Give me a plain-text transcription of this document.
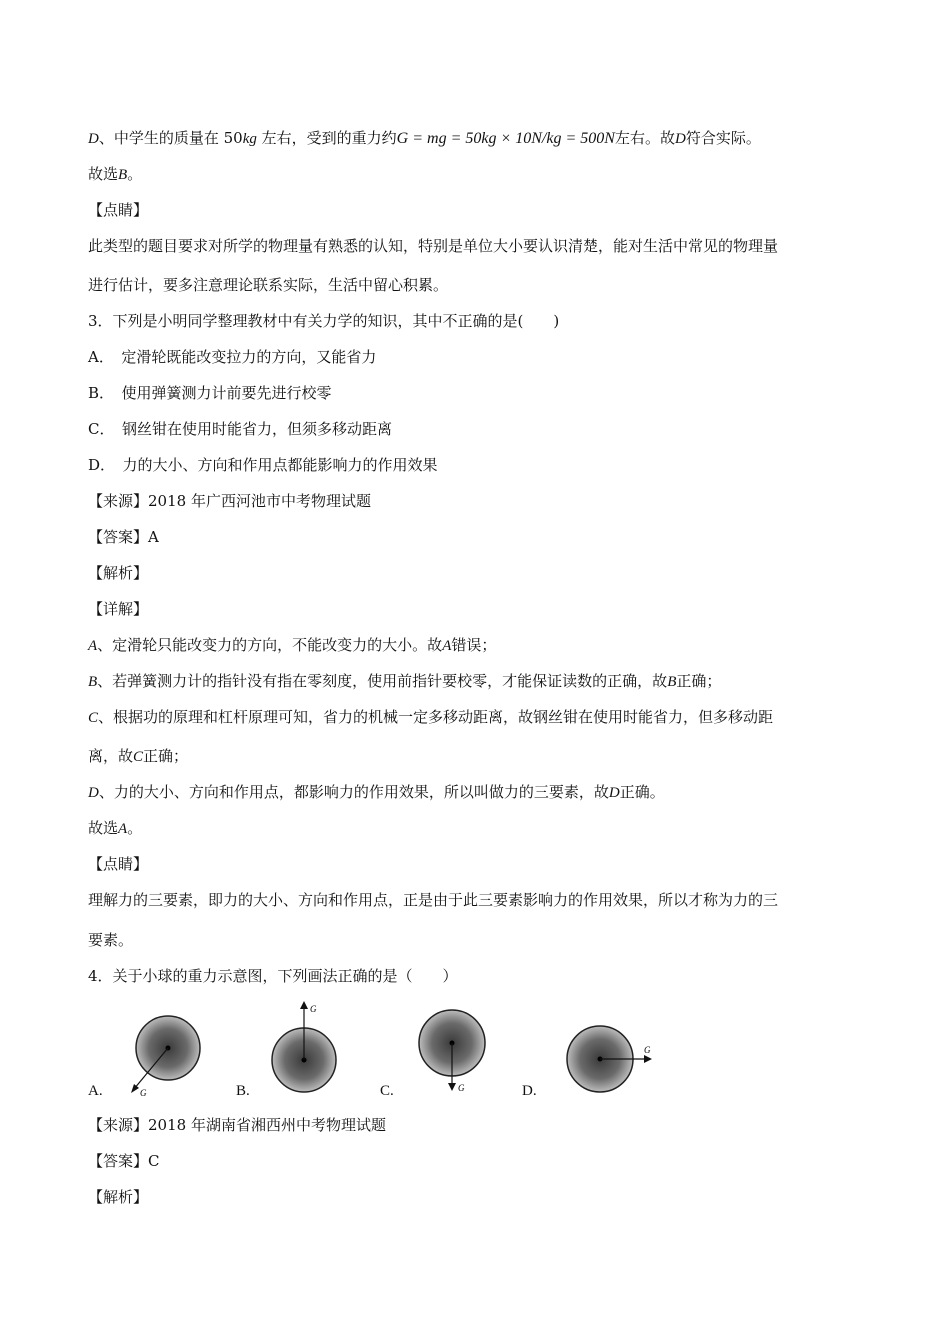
D、中学生的质量在 50kg 左右，受到的重力约G = mg = 50kg × 10N/kg = 500N左右。故D符合实际。
故选B。
【点睛】
此类型的题目要求对所学的物理量有熟悉的认知，特别是单位大小要认识清楚，能对生活中常见的物理量
进行估计，要多注意理论联系实际，生活中留心积累。
3．下列是小明同学整理教材中有关力学的知识，其中不正确的是(　　)
A．　定滑轮既能改变拉力的方向，又能省力
B．　使用弹簧测力计前要先进行校零
C．　钢丝钳在使用时能省力，但须多移动距离
D．　力的大小、方向和作用点都能影响力的作用效果
【来源】2018 年广西河池市中考物理试题
【答案】A
【解析】
【详解】
A、定滑轮只能改变力的方向，不能改变力的大小。故A错误；
B、若弹簧测力计的指针没有指在零刻度，使用前指针要校零，才能保证读数的正确，故B正确；
C、根据功的原理和杠杆原理可知，省力的机械一定多移动距离，故钢丝钳在使用时能省力，但多移动距
离，故C正确；
D、力的大小、方向和作用点，都影响力的作用效果，所以叫做力的三要素，故D正确。
故选A。
【点睛】
理解力的三要素，即力的大小、方向和作用点，正是由于此三要素影响力的作用效果，所以才称为力的三
要素。
4．关于小球的重力示意图，下列画法正确的是（　　）
A.	G	B.
G
C.	G	D.
G
【来源】2018 年湖南省湘西州中考物理试题
【答案】C
【解析】
